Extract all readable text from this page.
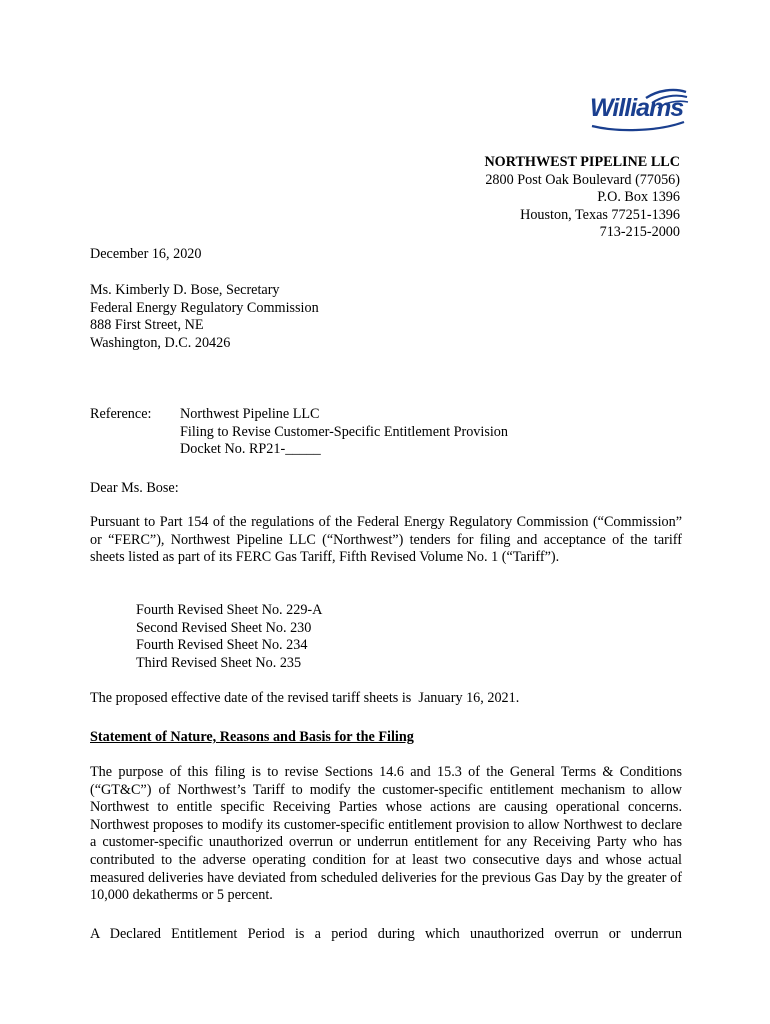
Williams
NORTHWEST PIPELINE LLC
2800 Post Oak Boulevard (77056)
P.O. Box 1396
Houston, Texas 77251-1396
713-215-2000
December 16, 2020
Ms. Kimberly D. Bose, Secretary
Federal Energy Regulatory Commission
888 First Street, NE
Washington, D.C. 20426
Reference: Northwest Pipeline LLC
Filing to Revise Customer-Specific Entitlement Provision
Docket No. RP21-_____
Dear Ms. Bose:
Pursuant to Part 154 of the regulations of the Federal Energy Regulatory Commission (“Commission” or “FERC”), Northwest Pipeline LLC (“Northwest”) tenders for filing and acceptance of the tariff sheets listed as part of its FERC Gas Tariff, Fifth Revised Volume No. 1 (“Tariff”).
Fourth Revised Sheet No. 229-A
Second Revised Sheet No. 230
Fourth Revised Sheet No. 234
Third Revised Sheet No. 235
The proposed effective date of the revised tariff sheets is  January 16, 2021.
Statement of Nature, Reasons and Basis for the Filing
The purpose of this filing is to revise Sections 14.6 and 15.3 of the General Terms & Conditions (“GT&C”) of Northwest’s Tariff to modify the customer-specific entitlement mechanism to allow Northwest to entitle specific Receiving Parties whose actions are causing operational concerns. Northwest proposes to modify its customer-specific entitlement provision to allow Northwest to declare a customer-specific unauthorized overrun or underrun entitlement for any Receiving Party who has contributed to the adverse operating condition for at least two consecutive days and whose actual measured deliveries have deviated from scheduled deliveries for the previous Gas Day by the greater of 10,000 dekatherms or 5 percent.
A Declared Entitlement Period is a period during which unauthorized overrun or underrun
